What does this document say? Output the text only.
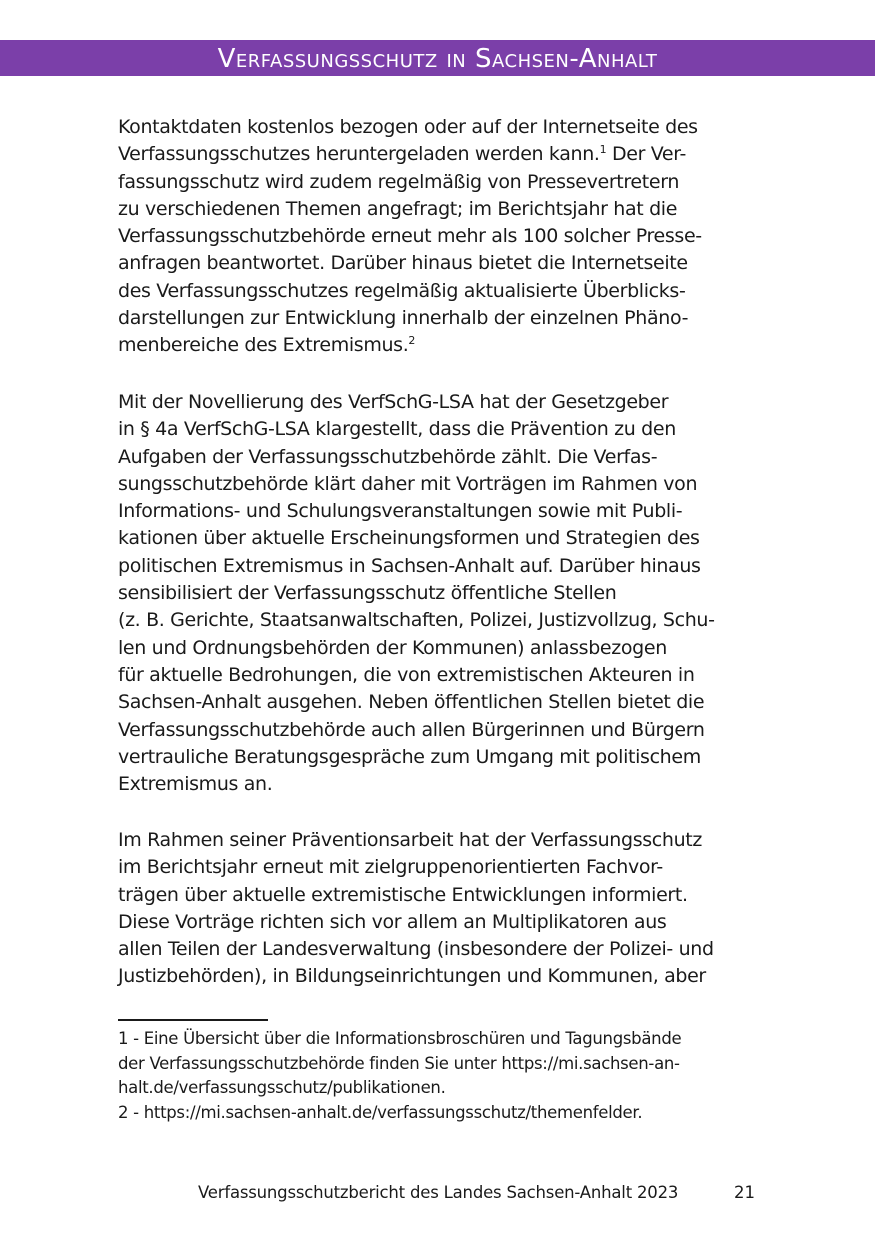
Verfassungsschutz in Sachsen-Anhalt
Kontaktdaten kostenlos bezogen oder auf der Internetseite des
Verfassungsschutzes heruntergeladen werden kann.$^1$ Der Ver-
fassungsschutz wird zudem regelmäßig von Pressevertretern
zu verschiedenen Themen angefragt; im Berichtsjahr hat die
Verfassungsschutzbehörde erneut mehr als 100 solcher Presse-
anfragen beantwortet. Darüber hinaus bietet die Internetseite
des Verfassungsschutzes regelmäßig aktualisierte Überblicks-
darstellungen zur Entwicklung innerhalb der einzelnen Phäno-
menbereiche des Extremismus.$^2$
Mit der Novellierung des VerfSchG-LSA hat der Gesetzgeber
in § 4a VerfSchG-LSA klargestellt, dass die Prävention zu den
Aufgaben der Verfassungsschutzbehörde zählt. Die Verfas-
sungsschutzbehörde klärt daher mit Vorträgen im Rahmen von
Informations- und Schulungsveranstaltungen sowie mit Publi-
kationen über aktuelle Erscheinungsformen und Strategien des
politischen Extremismus in Sachsen-Anhalt auf. Darüber hinaus
sensibilisiert der Verfassungsschutz öffentliche Stellen
(z. B. Gerichte, Staatsanwaltschaften, Polizei, Justizvollzug, Schu-
len und Ordnungsbehörden der Kommunen) anlassbezogen
für aktuelle Bedrohungen, die von extremistischen Akteuren in
Sachsen-Anhalt ausgehen. Neben öffentlichen Stellen bietet die
Verfassungsschutzbehörde auch allen Bürgerinnen und Bürgern
vertrauliche Beratungsgespräche zum Umgang mit politischem
Extremismus an.
Im Rahmen seiner Präventionsarbeit hat der Verfassungsschutz
im Berichtsjahr erneut mit zielgruppenorientierten Fachvor-
trägen über aktuelle extremistische Entwicklungen informiert.
Diese Vorträge richten sich vor allem an Multiplikatoren aus
allen Teilen der Landesverwaltung (insbesondere der Polizei- und
Justizbehörden), in Bildungseinrichtungen und Kommunen, aber
1 - Eine Übersicht über die Informationsbroschüren und Tagungsbände
der Verfassungsschutzbehörde finden Sie unter https://mi.sachsen-an-
halt.de/verfassungsschutz/publikationen.
2 - https://mi.sachsen-anhalt.de/verfassungsschutz/themenfelder.
Verfassungsschutzbericht des Landes Sachsen-Anhalt 2023	21
